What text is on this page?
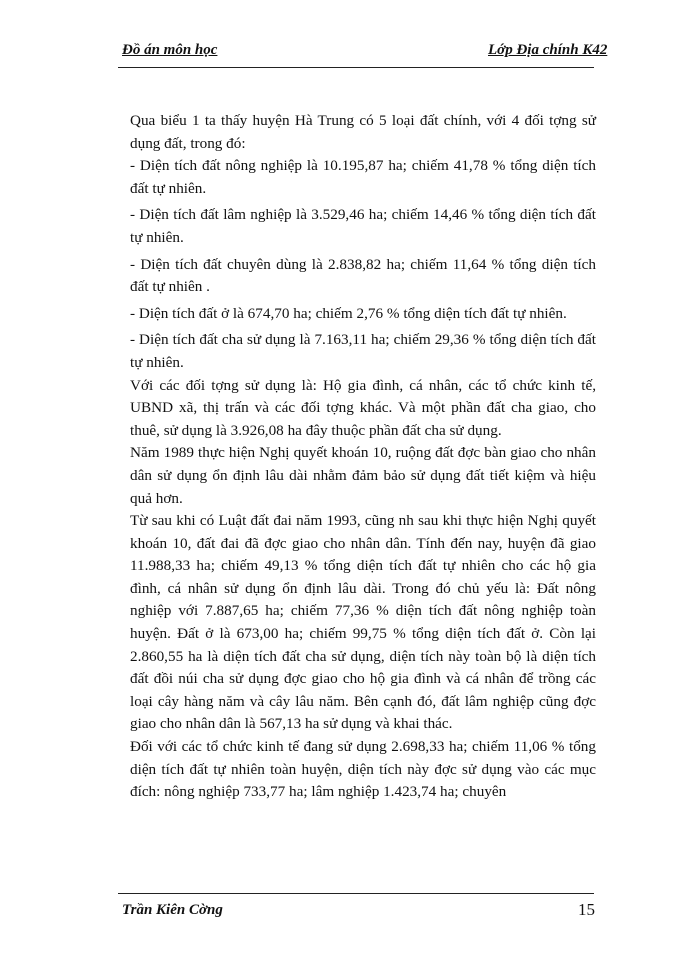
Đồ án môn học	Lớp Địa chính K42

Qua biểu 1 ta thấy huyện Hà Trung có 5 loại đất chính, với 4 đối tợng sử dụng đất, trong đó:

- Diện tích đất nông nghiệp là 10.195,87 ha; chiếm 41,78 % tổng diện tích đất tự nhiên.

- Diện tích đất lâm nghiệp là 3.529,46 ha; chiếm 14,46 % tổng diện tích đất tự nhiên.

- Diện tích đất chuyên dùng là 2.838,82 ha; chiếm 11,64 % tổng diện tích đất tự nhiên .

- Diện tích đất ở là 674,70 ha; chiếm 2,76 % tổng diện tích đất tự nhiên.

- Diện tích đất cha sử dụng là 7.163,11 ha; chiếm 29,36 % tổng diện tích đất tự nhiên.

Với các đối tợng sử dụng là: Hộ gia đình, cá nhân, các tổ chức kinh tế, UBND xã, thị trấn và các đối tợng khác. Và một phần đất cha giao, cho thuê, sử dụng là 3.926,08 ha đây thuộc phần đất cha sử dụng.

Năm 1989 thực hiện Nghị quyết khoán 10, ruộng đất đợc bàn giao cho nhân dân sử dụng ổn định lâu dài nhằm đảm bảo sử dụng đất tiết kiệm và hiệu quả hơn.

Từ sau khi có Luật đất đai năm 1993, cũng nh sau khi thực hiện Nghị quyết khoán 10, đất đai đã đợc giao cho nhân dân. Tính đến nay, huyện đã giao 11.988,33 ha; chiếm 49,13 % tổng diện tích đất tự nhiên cho các hộ gia đình, cá nhân sử dụng ổn định lâu dài. Trong đó chủ yếu là: Đất nông nghiệp với 7.887,65 ha; chiếm 77,36 % diện tích đất nông nghiệp toàn huyện. Đất ở là 673,00 ha; chiếm 99,75 % tổng diện tích đất ở. Còn lại 2.860,55 ha là diện tích đất cha sử dụng, diện tích này toàn bộ là diện tích đất đồi núi cha sử dụng đợc giao cho hộ gia đình và cá nhân để trồng các loại cây hàng năm và cây lâu năm. Bên cạnh đó, đất lâm nghiệp cũng đợc giao cho nhân dân là 567,13 ha sử dụng và khai thác.

Đối với các tổ chức kinh tế đang sử dụng 2.698,33 ha; chiếm 11,06 % tổng diện tích đất tự nhiên toàn huyện, diện tích này đợc sử dụng vào các mục đích: nông nghiệp 733,77 ha; lâm nghiệp 1.423,74 ha; chuyên

Trần Kiên Cờng	15
